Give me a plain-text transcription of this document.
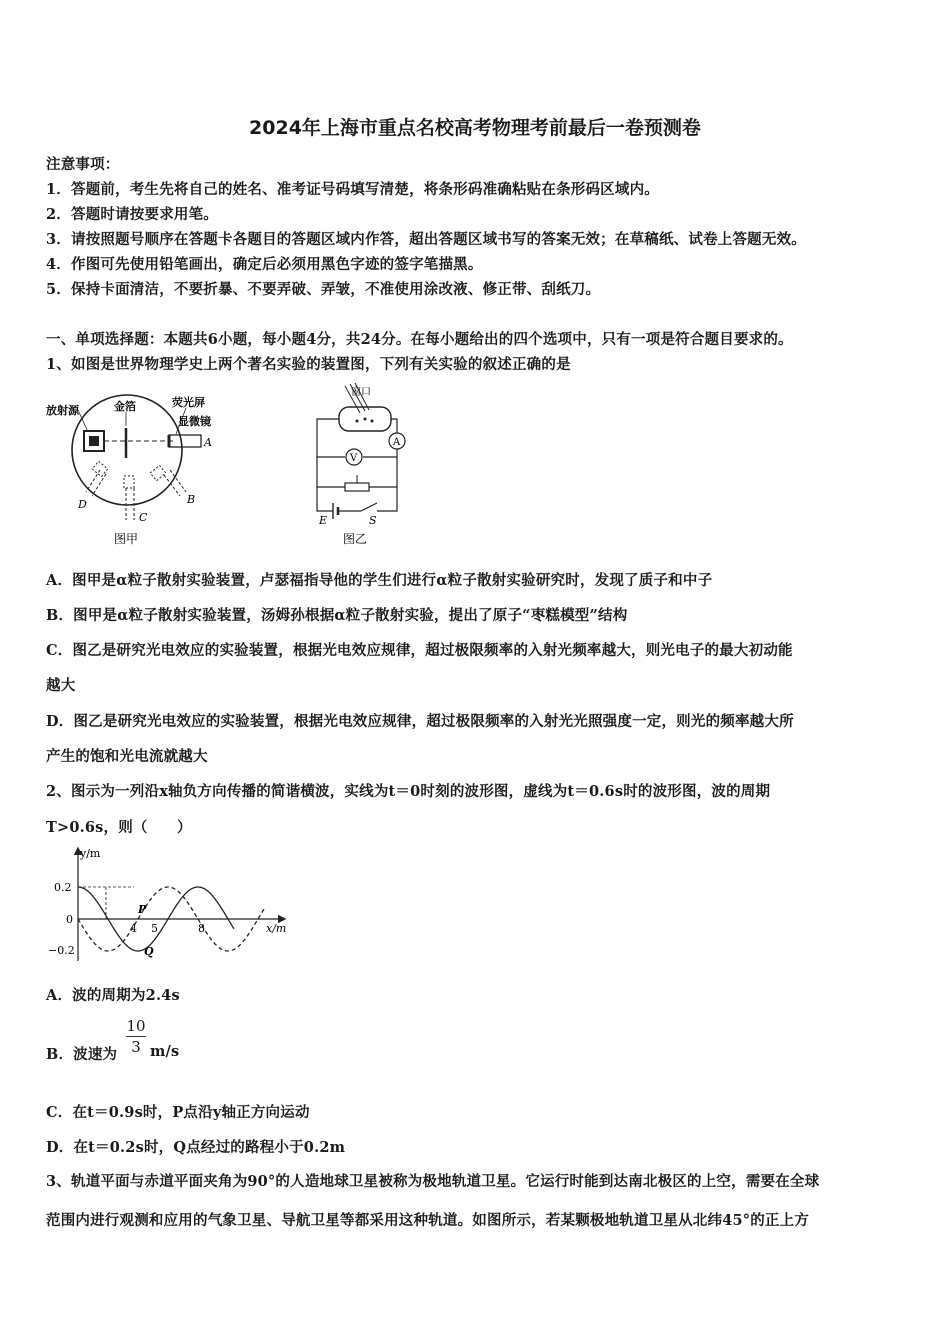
2024年上海市重点名校高考物理考前最后一卷预测卷
注意事项：
1．答题前，考生先将自己的姓名、准考证号码填写清楚，将条形码准确粘贴在条形码区域内。
2．答题时请按要求用笔。
3．请按照题号顺序在答题卡各题目的答题区域内作答，超出答题区域书写的答案无效；在草稿纸、试卷上答题无效。
4．作图可先使用铅笔画出，确定后必须用黑色字迹的签字笔描黑。
5．保持卡面清洁，不要折暴、不要弄破、弄皱，不准使用涂改液、修正带、刮纸刀。
一、单项选择题：本题共6小题，每小题4分，共24分。在每小题给出的四个选项中，只有一项是符合题目要求的。
1、如图是世界物理学史上两个著名实验的装置图，下列有关实验的叙述正确的是
放射源	金箔	荧光屏
显微镜
A
B
C
D
图甲
A
V
窗口
E	S
图乙
A．图甲是α粒子散射实验装置，卢瑟福指导他的学生们进行α粒子散射实验研究时，发现了质子和中子
B．图甲是α粒子散射实验装置，汤姆孙根据α粒子散射实验，提出了原子“枣糕模型”结构
C．图乙是研究光电效应的实验装置，根据光电效应规律，超过极限频率的入射光频率越大，则光电子的最大初动能
越大
D．图乙是研究光电效应的实验装置，根据光电效应规律，超过极限频率的入射光光照强度一定，则光的频率越大所
产生的饱和光电流就越大
2、图示为一列沿x轴负方向传播的简谐横波，实线为t＝0时刻的波形图，虚线为t＝0.6s时的波形图，波的周期
T>0.6s，则（　　）
y/m
x/m
0.2
0
−0.2
4 5	8
P
Q
A．波的周期为2.4s
B．波速为 $\frac{10}{3} m/s$
C．在t＝0.9s时，P点沿y轴正方向运动
D．在t＝0.2s时，Q点经过的路程小于0.2m
3、轨道平面与赤道平面夹角为90°的人造地球卫星被称为极地轨道卫星。它运行时能到达南北极区的上空，需要在全球
范围内进行观测和应用的气象卫星、导航卫星等都采用这种轨道。如图所示，若某颗极地轨道卫星从北纬45°的正上方
